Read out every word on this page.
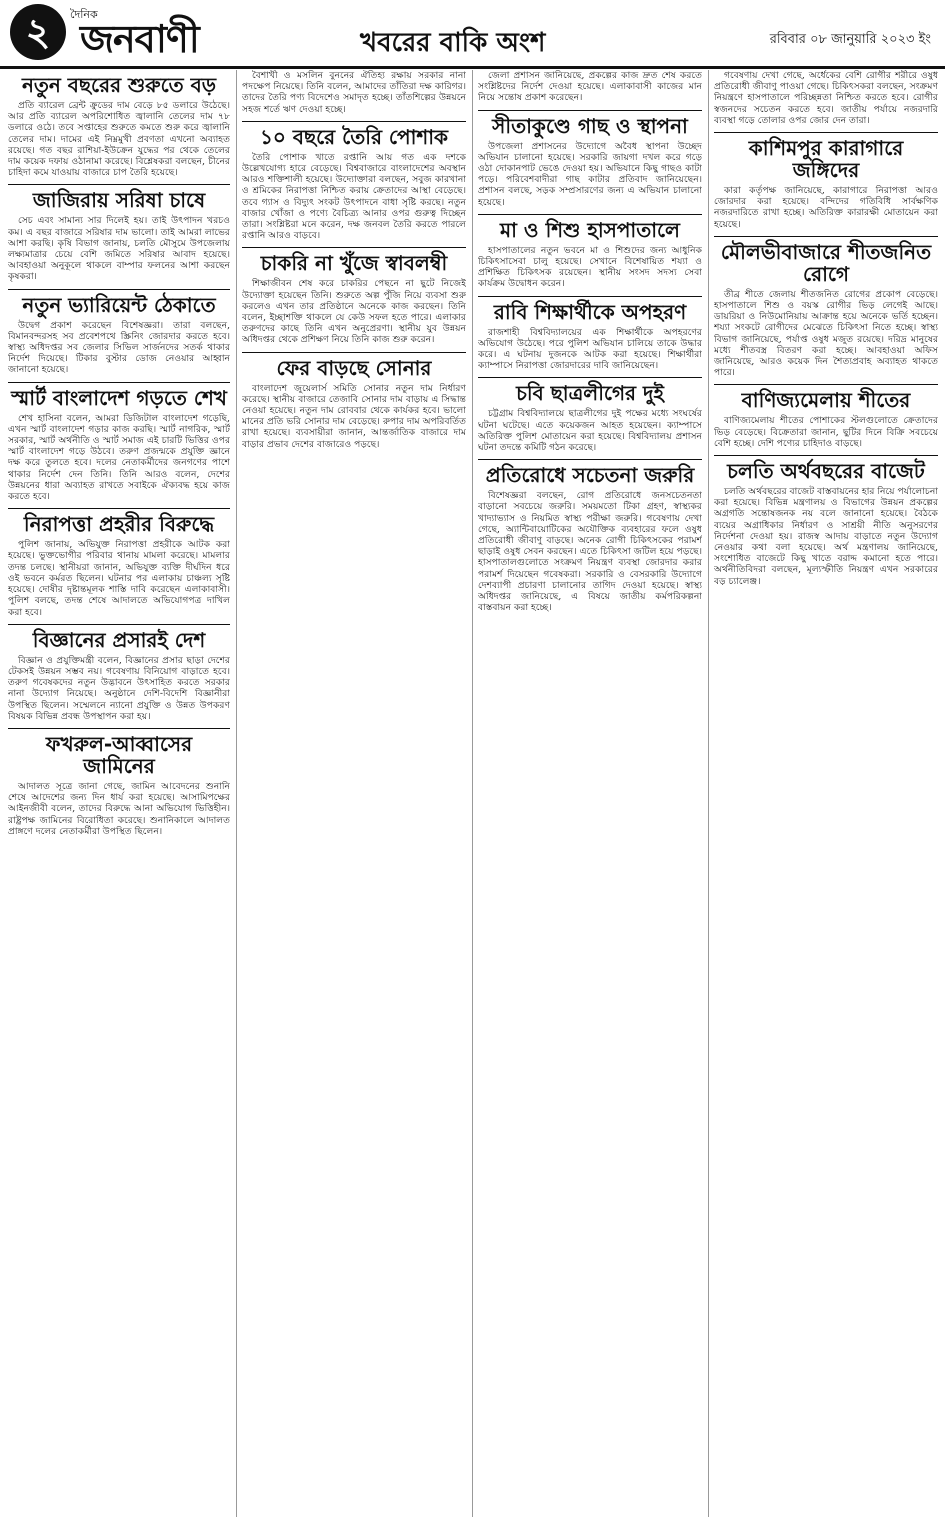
২	দৈনিক
জনবাণী	খবরের বাকি অংশ	রবিবার ০৮ জানুয়ারি ২০২৩ ইং
নতুন বছরের শুরুতে বড়

প্রতি ব্যারেল ব্রেন্ট ক্রুডের দাম বেড়ে ৮৫ ডলারে উঠেছে। আর প্রতি ব্যারেল অপরিশোধিত জ্বালানি তেলের দাম ৭৮ ডলারে ওঠে। তবে সপ্তাহের শুরুতে কমতে শুরু করে জ্বালানি তেলের দাম। দামের এই নিম্নমুখী প্রবণতা এখনো অব্যাহত রয়েছে। গত বছর রাশিয়া-ইউক্রেন যুদ্ধের পর থেকে তেলের দাম কয়েক দফায় ওঠানামা করেছে। বিশ্লেষকরা বলছেন, চীনের চাহিদা কমে যাওয়ায় বাজারে চাপ তৈরি হয়েছে।

জাজিরায় সরিষা চাষে

সেচ এবং সামান্য সার দিলেই হয়। তাই উৎপাদন খরচও কম। এ বছর বাজারে সরিষার দাম ভালো। তাই আমরা লাভের আশা করছি। কৃষি বিভাগ জানায়, চলতি মৌসুমে উপজেলায় লক্ষ্যমাত্রার চেয়ে বেশি জমিতে সরিষার আবাদ হয়েছে। আবহাওয়া অনুকূলে থাকলে বাম্পার ফলনের আশা করছেন কৃষকরা।

নতুন ভ্যারিয়েন্ট ঠেকাতে

উদ্বেগ প্রকাশ করেছেন বিশেষজ্ঞরা। তারা বলছেন, বিমানবন্দরসহ সব প্রবেশপথে স্ক্রিনিং জোরদার করতে হবে। স্বাস্থ্য অধিদপ্তর সব জেলার সিভিল সার্জনদের সতর্ক থাকার নির্দেশ দিয়েছে। টিকার বুস্টার ডোজ নেওয়ার আহ্বান জানানো হয়েছে।

স্মার্ট বাংলাদেশ গড়তে শেখ

শেখ হাসিনা বলেন, আমরা ডিজিটাল বাংলাদেশ গড়েছি, এখন স্মার্ট বাংলাদেশ গড়ার কাজ করছি। স্মার্ট নাগরিক, স্মার্ট সরকার, স্মার্ট অর্থনীতি ও স্মার্ট সমাজ এই চারটি ভিত্তির ওপর স্মার্ট বাংলাদেশ গড়ে উঠবে। তরুণ প্রজন্মকে প্রযুক্তি জ্ঞানে দক্ষ করে তুলতে হবে। দলের নেতাকর্মীদের জনগণের পাশে থাকার নির্দেশ দেন তিনি। তিনি আরও বলেন, দেশের উন্নয়নের ধারা অব্যাহত রাখতে সবাইকে ঐক্যবদ্ধ হয়ে কাজ করতে হবে।

নিরাপত্তা প্রহরীর বিরুদ্ধে

পুলিশ জানায়, অভিযুক্ত নিরাপত্তা প্রহরীকে আটক করা হয়েছে। ভুক্তভোগীর পরিবার থানায় মামলা করেছে। মামলার তদন্ত চলছে। স্থানীয়রা জানান, অভিযুক্ত ব্যক্তি দীর্ঘদিন ধরে ওই ভবনে কর্মরত ছিলেন। ঘটনার পর এলাকায় চাঞ্চল্য সৃষ্টি হয়েছে। দোষীর দৃষ্টান্তমূলক শাস্তি দাবি করেছেন এলাকাবাসী। পুলিশ বলছে, তদন্ত শেষে আদালতে অভিযোগপত্র দাখিল করা হবে।

বিজ্ঞানের প্রসারই দেশ

বিজ্ঞান ও প্রযুক্তিমন্ত্রী বলেন, বিজ্ঞানের প্রসার ছাড়া দেশের টেকসই উন্নয়ন সম্ভব নয়। গবেষণায় বিনিয়োগ বাড়াতে হবে। তরুণ গবেষকদের নতুন উদ্ভাবনে উৎসাহিত করতে সরকার নানা উদ্যোগ নিয়েছে। অনুষ্ঠানে দেশি-বিদেশি বিজ্ঞানীরা উপস্থিত ছিলেন। সম্মেলনে ন্যানো প্রযুক্তি ও উন্নত উপকরণ বিষয়ক বিভিন্ন প্রবন্ধ উপস্থাপন করা হয়।

ফখরুল-আব্বাসের জামিনের

আদালত সূত্রে জানা গেছে, জামিন আবেদনের শুনানি শেষে আদেশের জন্য দিন ধার্য করা হয়েছে। আসামিপক্ষের আইনজীবী বলেন, তাদের বিরুদ্ধে আনা অভিযোগ ভিত্তিহীন। রাষ্ট্রপক্ষ জামিনের বিরোধিতা করেছে। শুনানিকালে আদালত প্রাঙ্গণে দলের নেতাকর্মীরা উপস্থিত ছিলেন।

বৈশাখী ও মসলিন বুননের ঐতিহ্য রক্ষায় সরকার নানা পদক্ষেপ নিয়েছে। তিনি বলেন, আমাদের তাঁতিরা দক্ষ কারিগর। তাদের তৈরি পণ্য বিদেশেও সমাদৃত হচ্ছে। তাঁতশিল্পের উন্নয়নে সহজ শর্তে ঋণ দেওয়া হচ্ছে।

১০ বছরে তৈরি পোশাক

তৈরি পোশাক খাতে রপ্তানি আয় গত এক দশকে উল্লেখযোগ্য হারে বেড়েছে। বিশ্ববাজারে বাংলাদেশের অবস্থান আরও শক্তিশালী হয়েছে। উদ্যোক্তারা বলছেন, সবুজ কারখানা ও শ্রমিকের নিরাপত্তা নিশ্চিত করায় ক্রেতাদের আস্থা বেড়েছে। তবে গ্যাস ও বিদ্যুৎ সংকট উৎপাদনে বাধা সৃষ্টি করছে। নতুন বাজার খোঁজা ও পণ্যে বৈচিত্র্য আনার ওপর গুরুত্ব দিচ্ছেন তারা। সংশ্লিষ্টরা মনে করেন, দক্ষ জনবল তৈরি করতে পারলে রপ্তানি আরও বাড়বে।

চাকরি না খুঁজে স্বাবলম্বী

শিক্ষাজীবন শেষ করে চাকরির পেছনে না ছুটে নিজেই উদ্যোক্তা হয়েছেন তিনি। শুরুতে অল্প পুঁজি নিয়ে ব্যবসা শুরু করলেও এখন তার প্রতিষ্ঠানে অনেকে কাজ করছেন। তিনি বলেন, ইচ্ছাশক্তি থাকলে যে কেউ সফল হতে পারে। এলাকার তরুণদের কাছে তিনি এখন অনুপ্রেরণা। স্থানীয় যুব উন্নয়ন অধিদপ্তর থেকে প্রশিক্ষণ নিয়ে তিনি কাজ শুরু করেন।

ফের বাড়ছে সোনার

বাংলাদেশ জুয়েলার্স সমিতি সোনার নতুন দাম নির্ধারণ করেছে। স্থানীয় বাজারে তেজাবি সোনার দাম বাড়ায় এ সিদ্ধান্ত নেওয়া হয়েছে। নতুন দাম রোববার থেকে কার্যকর হবে। ভালো মানের প্রতি ভরি সোনার দাম বেড়েছে। রুপার দাম অপরিবর্তিত রাখা হয়েছে। ব্যবসায়ীরা জানান, আন্তর্জাতিক বাজারে দাম বাড়ার প্রভাব দেশের বাজারেও পড়ছে।

জেলা প্রশাসন জানিয়েছে, প্রকল্পের কাজ দ্রুত শেষ করতে সংশ্লিষ্টদের নির্দেশ দেওয়া হয়েছে। এলাকাবাসী কাজের মান নিয়ে সন্তোষ প্রকাশ করেছেন।

সীতাকুণ্ডে গাছ ও স্থাপনা

উপজেলা প্রশাসনের উদ্যোগে অবৈধ স্থাপনা উচ্ছেদ অভিযান চালানো হয়েছে। সরকারি জায়গা দখল করে গড়ে ওঠা দোকানপাট ভেঙে দেওয়া হয়। অভিযানে কিছু গাছও কাটা পড়ে। পরিবেশবাদীরা গাছ কাটার প্রতিবাদ জানিয়েছেন। প্রশাসন বলছে, সড়ক সম্প্রসারণের জন্য এ অভিযান চালানো হয়েছে।

মা ও শিশু হাসপাতালে

হাসপাতালের নতুন ভবনে মা ও শিশুদের জন্য আধুনিক চিকিৎসাসেবা চালু হয়েছে। সেখানে বিশেষায়িত শয্যা ও প্রশিক্ষিত চিকিৎসক রয়েছেন। স্থানীয় সংসদ সদস্য সেবা কার্যক্রম উদ্বোধন করেন।

রাবি শিক্ষার্থীকে অপহরণ

রাজশাহী বিশ্ববিদ্যালয়ের এক শিক্ষার্থীকে অপহরণের অভিযোগ উঠেছে। পরে পুলিশ অভিযান চালিয়ে তাকে উদ্ধার করে। এ ঘটনায় দুজনকে আটক করা হয়েছে। শিক্ষার্থীরা ক্যাম্পাসে নিরাপত্তা জোরদারের দাবি জানিয়েছেন।

চবি ছাত্রলীগের দুই

চট্টগ্রাম বিশ্ববিদ্যালয়ে ছাত্রলীগের দুই পক্ষের মধ্যে সংঘর্ষের ঘটনা ঘটেছে। এতে কয়েকজন আহত হয়েছেন। ক্যাম্পাসে অতিরিক্ত পুলিশ মোতায়েন করা হয়েছে। বিশ্ববিদ্যালয় প্রশাসন ঘটনা তদন্তে কমিটি গঠন করেছে।

প্রতিরোধে সচেতনা জরুরি

বিশেষজ্ঞরা বলছেন, রোগ প্রতিরোধে জনসচেতনতা বাড়ানো সবচেয়ে জরুরি। সময়মতো টিকা গ্রহণ, স্বাস্থ্যকর খাদ্যাভ্যাস ও নিয়মিত স্বাস্থ্য পরীক্ষা জরুরি। গবেষণায় দেখা গেছে, অ্যান্টিবায়োটিকের অযৌক্তিক ব্যবহারের ফলে ওষুধ প্রতিরোধী জীবাণু বাড়ছে। অনেক রোগী চিকিৎসকের পরামর্শ ছাড়াই ওষুধ সেবন করছেন। এতে চিকিৎসা জটিল হয়ে পড়ছে। হাসপাতালগুলোতে সংক্রমণ নিয়ন্ত্রণ ব্যবস্থা জোরদার করার পরামর্শ দিয়েছেন গবেষকরা। সরকারি ও বেসরকারি উদ্যোগে দেশব্যাপী প্রচারণা চালানোর তাগিদ দেওয়া হয়েছে। স্বাস্থ্য অধিদপ্তর জানিয়েছে, এ বিষয়ে জাতীয় কর্মপরিকল্পনা বাস্তবায়ন করা হচ্ছে।

গবেষণায় দেখা গেছে, অর্ধেকের বেশি রোগীর শরীরে ওষুধ প্রতিরোধী জীবাণু পাওয়া গেছে। চিকিৎসকরা বলছেন, সংক্রমণ নিয়ন্ত্রণে হাসপাতালে পরিচ্ছন্নতা নিশ্চিত করতে হবে। রোগীর স্বজনদের সচেতন করতে হবে। জাতীয় পর্যায়ে নজরদারি ব্যবস্থা গড়ে তোলার ওপর জোর দেন তারা।

কাশিমপুর কারাগারে জঙ্গিদের

কারা কর্তৃপক্ষ জানিয়েছে, কারাগারে নিরাপত্তা আরও জোরদার করা হয়েছে। বন্দিদের গতিবিধি সার্বক্ষণিক নজরদারিতে রাখা হচ্ছে। অতিরিক্ত কারারক্ষী মোতায়েন করা হয়েছে।

মৌলভীবাজারে শীতজনিত রোগে

তীব্র শীতে জেলায় শীতজনিত রোগের প্রকোপ বেড়েছে। হাসপাতালে শিশু ও বয়স্ক রোগীর ভিড় লেগেই আছে। ডায়রিয়া ও নিউমোনিয়ায় আক্রান্ত হয়ে অনেকে ভর্তি হচ্ছেন। শয্যা সংকটে রোগীদের মেঝেতে চিকিৎসা নিতে হচ্ছে। স্বাস্থ্য বিভাগ জানিয়েছে, পর্যাপ্ত ওষুধ মজুত রয়েছে। দরিদ্র মানুষের মধ্যে শীতবস্ত্র বিতরণ করা হচ্ছে। আবহাওয়া অফিস জানিয়েছে, আরও কয়েক দিন শৈত্যপ্রবাহ অব্যাহত থাকতে পারে।

বাণিজ্যমেলায় শীতের

বাণিজ্যমেলায় শীতের পোশাকের স্টলগুলোতে ক্রেতাদের ভিড় বেড়েছে। বিক্রেতারা জানান, ছুটির দিনে বিক্রি সবচেয়ে বেশি হচ্ছে। দেশি পণ্যের চাহিদাও বাড়ছে।

চলতি অর্থবছরের বাজেট

চলতি অর্থবছরের বাজেট বাস্তবায়নের হার নিয়ে পর্যালোচনা করা হয়েছে। বিভিন্ন মন্ত্রণালয় ও বিভাগের উন্নয়ন প্রকল্পের অগ্রগতি সন্তোষজনক নয় বলে জানানো হয়েছে। বৈঠকে ব্যয়ের অগ্রাধিকার নির্ধারণ ও সাশ্রয়ী নীতি অনুসরণের নির্দেশনা দেওয়া হয়। রাজস্ব আদায় বাড়াতে নতুন উদ্যোগ নেওয়ার কথা বলা হয়েছে। অর্থ মন্ত্রণালয় জানিয়েছে, সংশোধিত বাজেটে কিছু খাতে বরাদ্দ কমানো হতে পারে। অর্থনীতিবিদরা বলছেন, মূল্যস্ফীতি নিয়ন্ত্রণ এখন সরকারের বড় চ্যালেঞ্জ।
